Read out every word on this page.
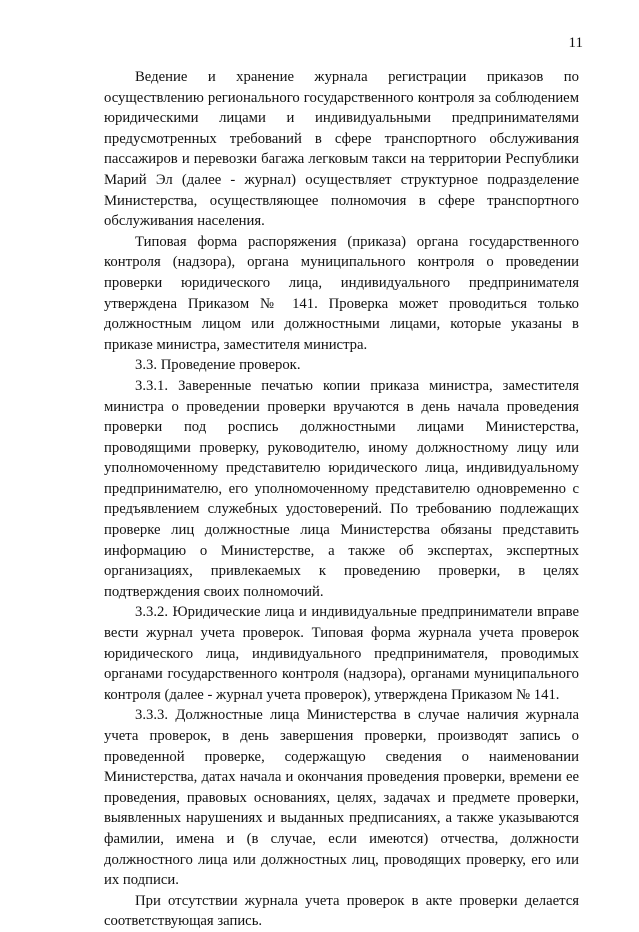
11

Ведение и хранение журнала регистрации приказов по осуществлению регионального государственного контроля за соблюдением юридическими лицами и индивидуальными предпринимателями предусмотренных требований в сфере транспортного обслуживания пассажиров и перевозки багажа легковым такси на территории Республики Марий Эл (далее - журнал) осуществляет структурное подразделение Министерства, осуществляющее полномочия в сфере транспортного обслуживания населения.

Типовая форма распоряжения (приказа) органа государственного контроля (надзора), органа муниципального контроля о проведении проверки юридического лица, индивидуального предпринимателя утверждена Приказом № 141. Проверка может проводиться только должностным лицом или должностными лицами, которые указаны в приказе министра, заместителя министра.

3.3. Проведение проверок.

3.3.1. Заверенные печатью копии приказа министра, заместителя министра о проведении проверки вручаются в день начала проведения проверки под роспись должностными лицами Министерства, проводящими проверку, руководителю, иному должностному лицу или уполномоченному представителю юридического лица, индивидуальному предпринимателю, его уполномоченному представителю одновременно с предъявлением служебных удостоверений. По требованию подлежащих проверке лиц должностные лица Министерства обязаны представить информацию о Министерстве, а также об экспертах, экспертных организациях, привлекаемых к проведению проверки, в целях подтверждения своих полномочий.

3.3.2. Юридические лица и индивидуальные предприниматели вправе вести журнал учета проверок. Типовая форма журнала учета проверок юридического лица, индивидуального предпринимателя, проводимых органами государственного контроля (надзора), органами муниципального контроля (далее - журнал учета проверок), утверждена Приказом № 141.

3.3.3. Должностные лица Министерства в случае наличия журнала учета проверок, в день завершения проверки, производят запись о проведенной проверке, содержащую сведения о наименовании Министерства, датах начала и окончания проведения проверки, времени ее проведения, правовых основаниях, целях, задачах и предмете проверки, выявленных нарушениях и выданных предписаниях, а также указываются фамилии, имена и (в случае, если имеются) отчества, должности должностного лица или должностных лиц, проводящих проверку, его или их подписи.

При отсутствии журнала учета проверок в акте проверки делается соответствующая запись.
